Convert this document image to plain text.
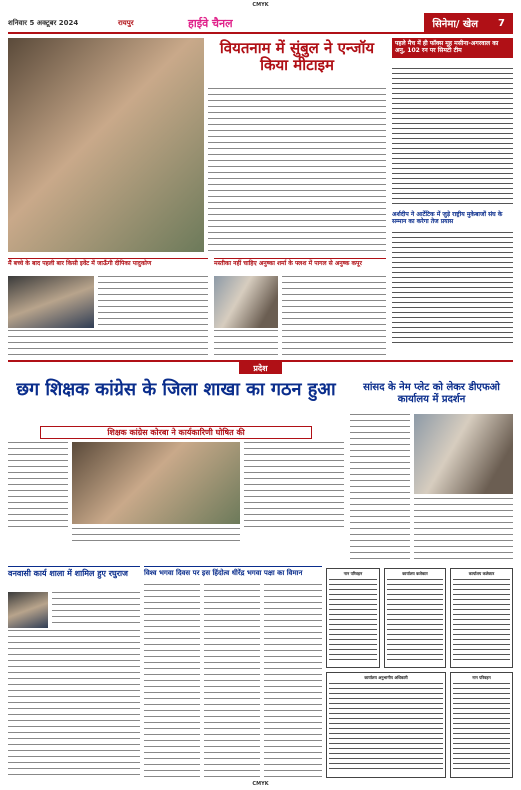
CMYK
शनिवार 5 अक्टूबर 2024	रायपुर	हाईवे चैनल	सिनेमा/ खेल 7
वियतनाम में सुंबुल ने एन्जॉय किया मीटाइम
पहले मैच में ही फॉक्स मूह मसीना-अगरवाल का अनु, 102 रन पर सिमटी टीम
अर्शदीप ने आर्टेटिक में जुड़े राष्ट्रीय मुकेबाजों संघ के सम्मान का करेगा तेज प्रयास
मैं बच्चे के बाद पहली बार किसी इवेंट में जाऊँगी दीपिका पादुकोण	मस्तीका नहीं चाहिए अनुष्का शर्मा के फ्लश में पागल से अनुष्क कपूर
प्रदेश
छग शिक्षक कांग्रेस के जिला शाखा का गठन हुआ
शिक्षक कांग्रेस कोरबा ने कार्यकारिणी घोषित की
सांसद के नेम प्लेट को लेकर डीएफओ कार्यालय में प्रदर्शन
वनवासी कार्य शाला में शामिल हुए रघुराज	विश्व भगवा दिवस पर इस हिंदोत्व धीरेंद्र भगवा पक्षा का विमान	नान परिवहन	कार्यालय कलेक्टर	कार्यालय कलेक्टर
कार्यालय अनुभागीय अधिकारी	नान परिवहन
CMYK
